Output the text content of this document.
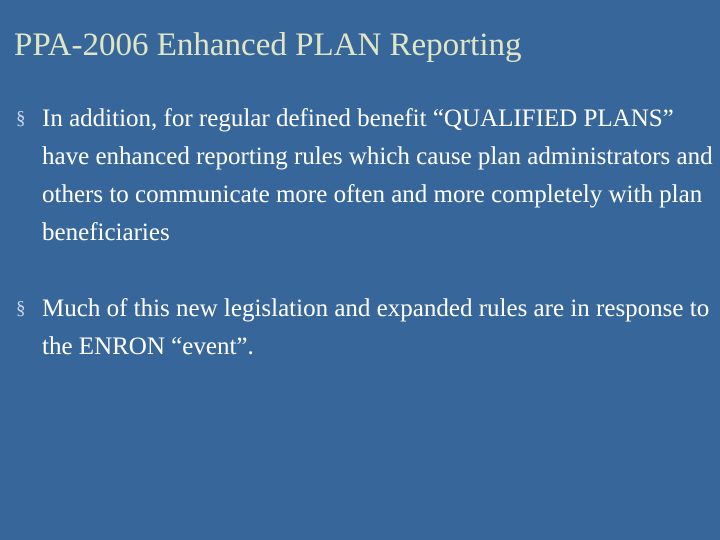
PPA-2006 Enhanced PLAN Reporting
§ In addition, for regular defined benefit “QUALIFIED PLANS” have enhanced reporting rules which cause plan administrators and others to communicate more often and more completely with plan beneficiaries
§ Much of this new legislation and expanded rules are in response to the ENRON “event”.
